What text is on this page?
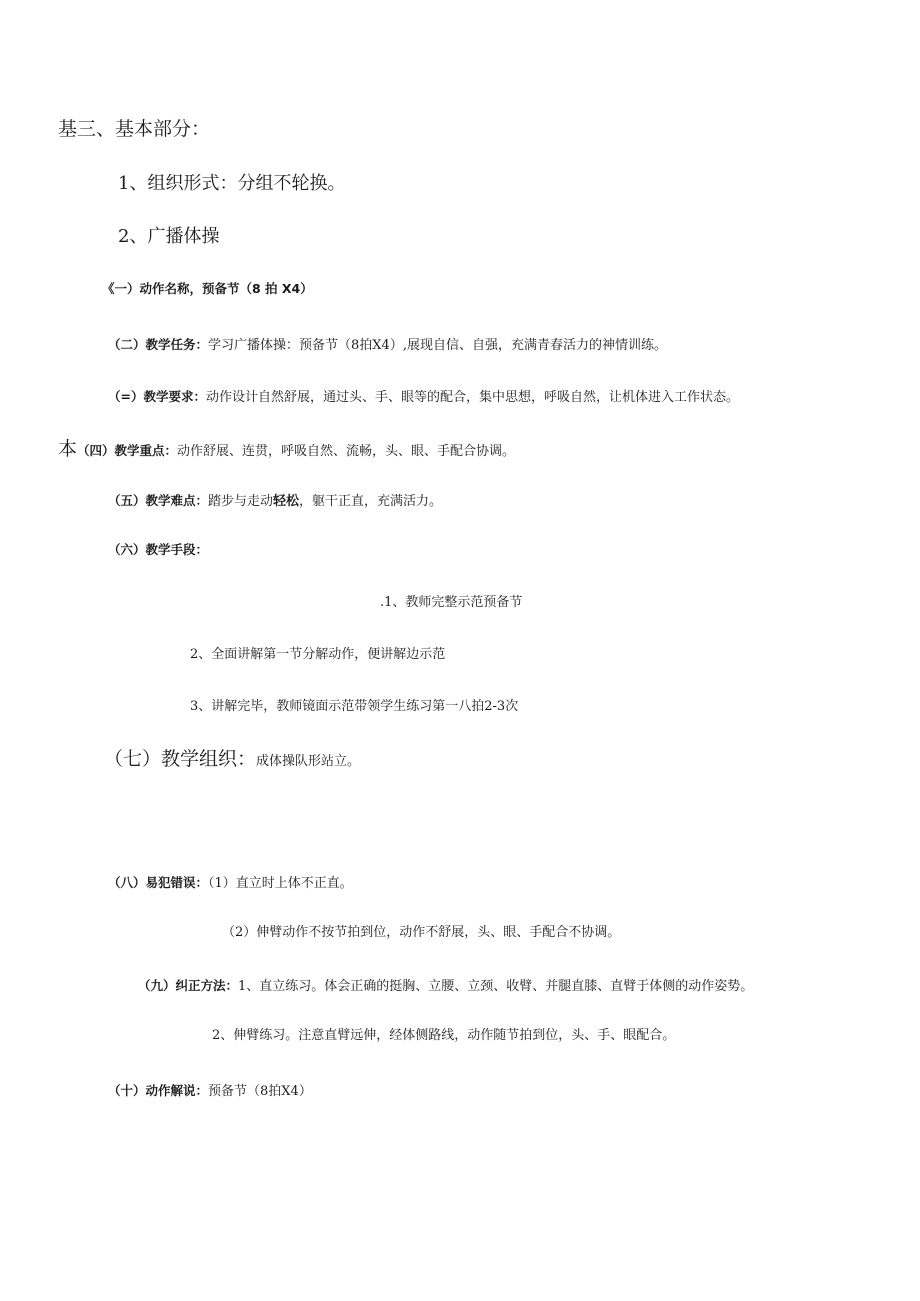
基三、基本部分：
1、组织形式：分组不轮换。
2、广播体操
《一）动作名称，预备节（8 拍 X4）
（二）教学任务：学习广播体操：预备节（8拍X4）,展现自信、自强，充满青春活力的神情训练。
（=）教学要求：动作设计自然舒展，通过头、手、眼等的配合，集中思想，呼吸自然，让机体进入工作状态。
本（四）教学重点：动作舒展、连贯，呼吸自然、流畅，头、眼、手配合协调。
（五）教学难点：踏步与走动轻松，躯干正直，充满活力。
（六）教学手段：
.1、教师完整示范预备节
2、全面讲解第一节分解动作，便讲解边示范
3、讲解完毕，教师镜面示范带领学生练习第一八拍2-3次
（七）教学组织：成体操队形站立。
（八）易犯错误：（1）直立时上体不正直。
（2）伸臂动作不按节拍到位，动作不舒展，头、眼、手配合不协调。
（九）纠正方法：1、直立练习。体会正确的挺胸、立腰、立颈、收臂、并腿直膝、直臂于体侧的动作姿势。
2、伸臂练习。注意直臂远伸，经体侧路线，动作随节拍到位，头、手、眼配合。
（十）动作解说：预备节（8拍X4）
